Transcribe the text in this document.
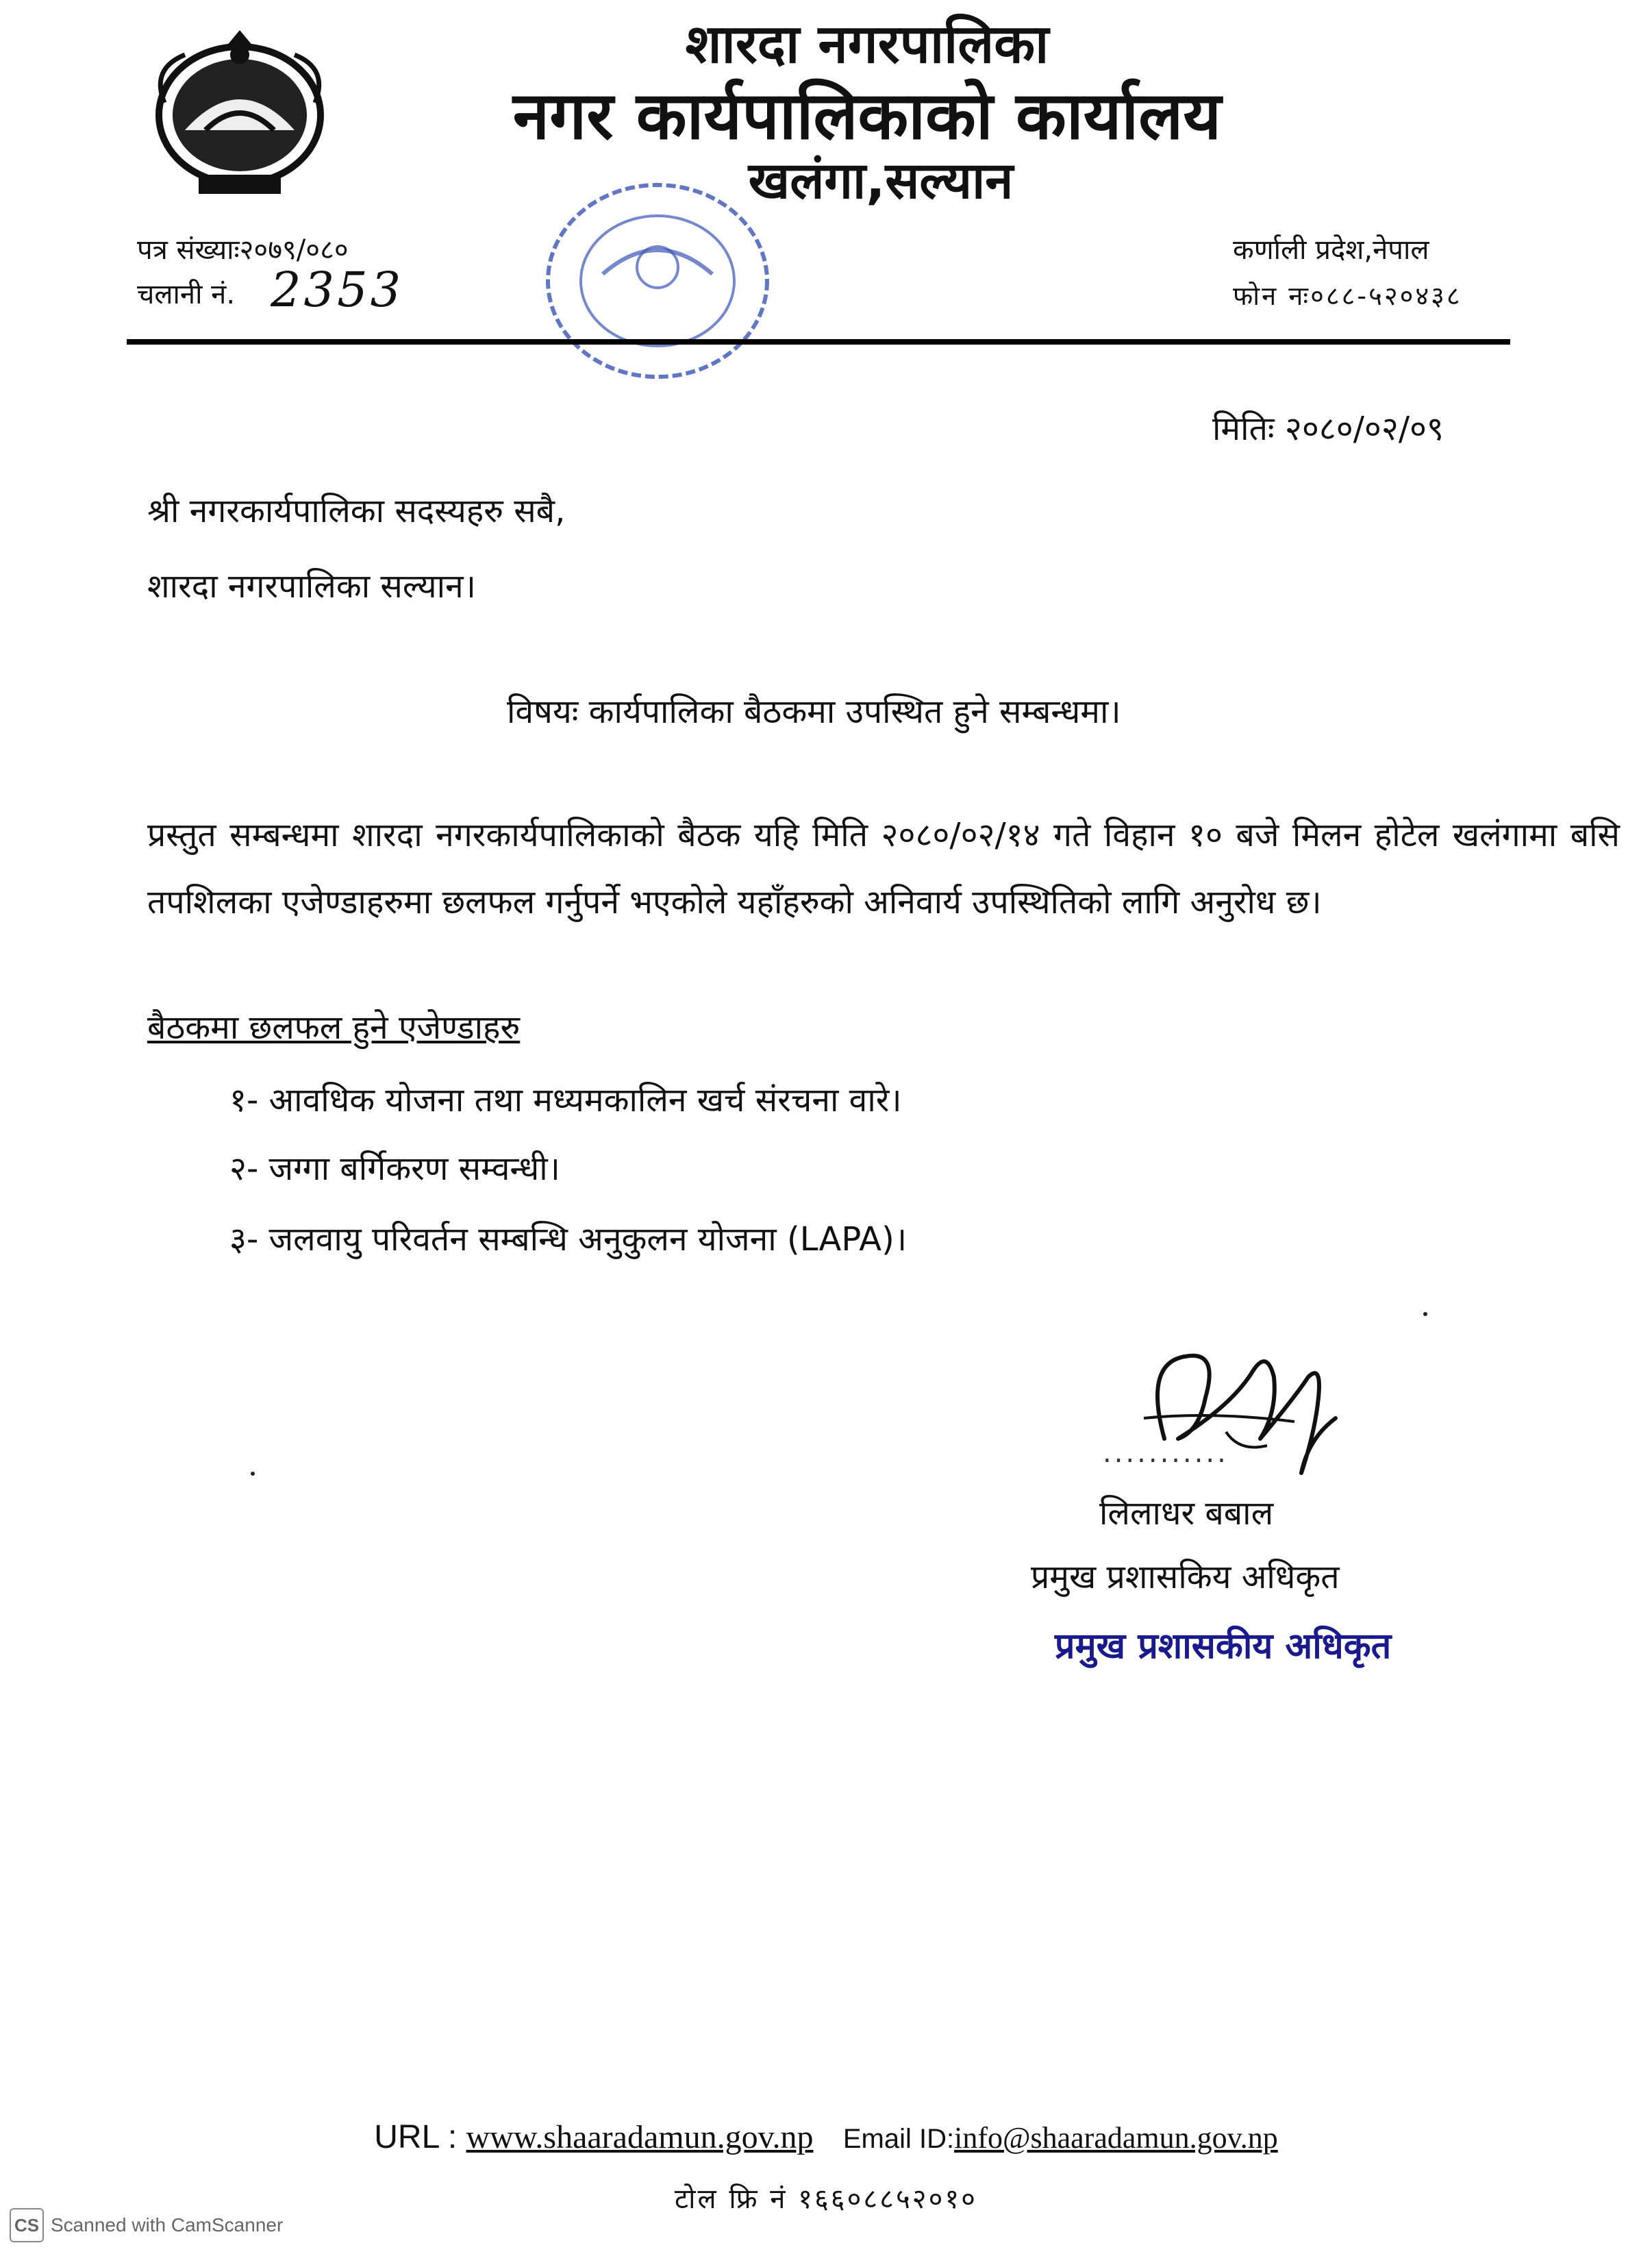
शारदा नगरपालिका
नगर कार्यपालिकाको कार्यालय
खलंगा,सल्यान
पत्र संख्याः२०७९/०८०
चलानी नं. 2353
कर्णाली प्रदेश,नेपाल
फोन नः०८८-५२०४३८
मितिः २०८०/०२/०९
श्री नगरकार्यपालिका सदस्यहरु सबै,
शारदा नगरपालिका सल्यान।
विषयः कार्यपालिका बैठकमा उपस्थित हुने सम्बन्धमा।
प्रस्तुत सम्बन्धमा शारदा नगरकार्यपालिकाको बैठक यहि मिति २०८०/०२/१४ गते विहान १० बजे मिलन होटेल खलंगामा बसि तपशिलका एजेण्डाहरुमा छलफल गर्नुपर्ने भएकोले यहाँहरुको अनिवार्य उपस्थितिको लागि अनुरोध छ।
बैठकमा छलफल हुने एजेण्डाहरु
१- आवधिक योजना तथा मध्यमकालिन खर्च संरचना वारे।
२- जग्गा बर्गिकरण सम्वन्धी।
३- जलवायु परिवर्तन सम्बन्धि अनुकुलन योजना (LAPA)।
...........
लिलाधर बबाल
प्रमुख प्रशासकिय अधिकृत
प्रमुख प्रशासकीय अधिकृत
URL : www.shaaradamun.gov.np Email ID:info@shaaradamun.gov.np
टोल फ्रि नं १६६०८८५२०१०
CS Scanned with CamScanner
